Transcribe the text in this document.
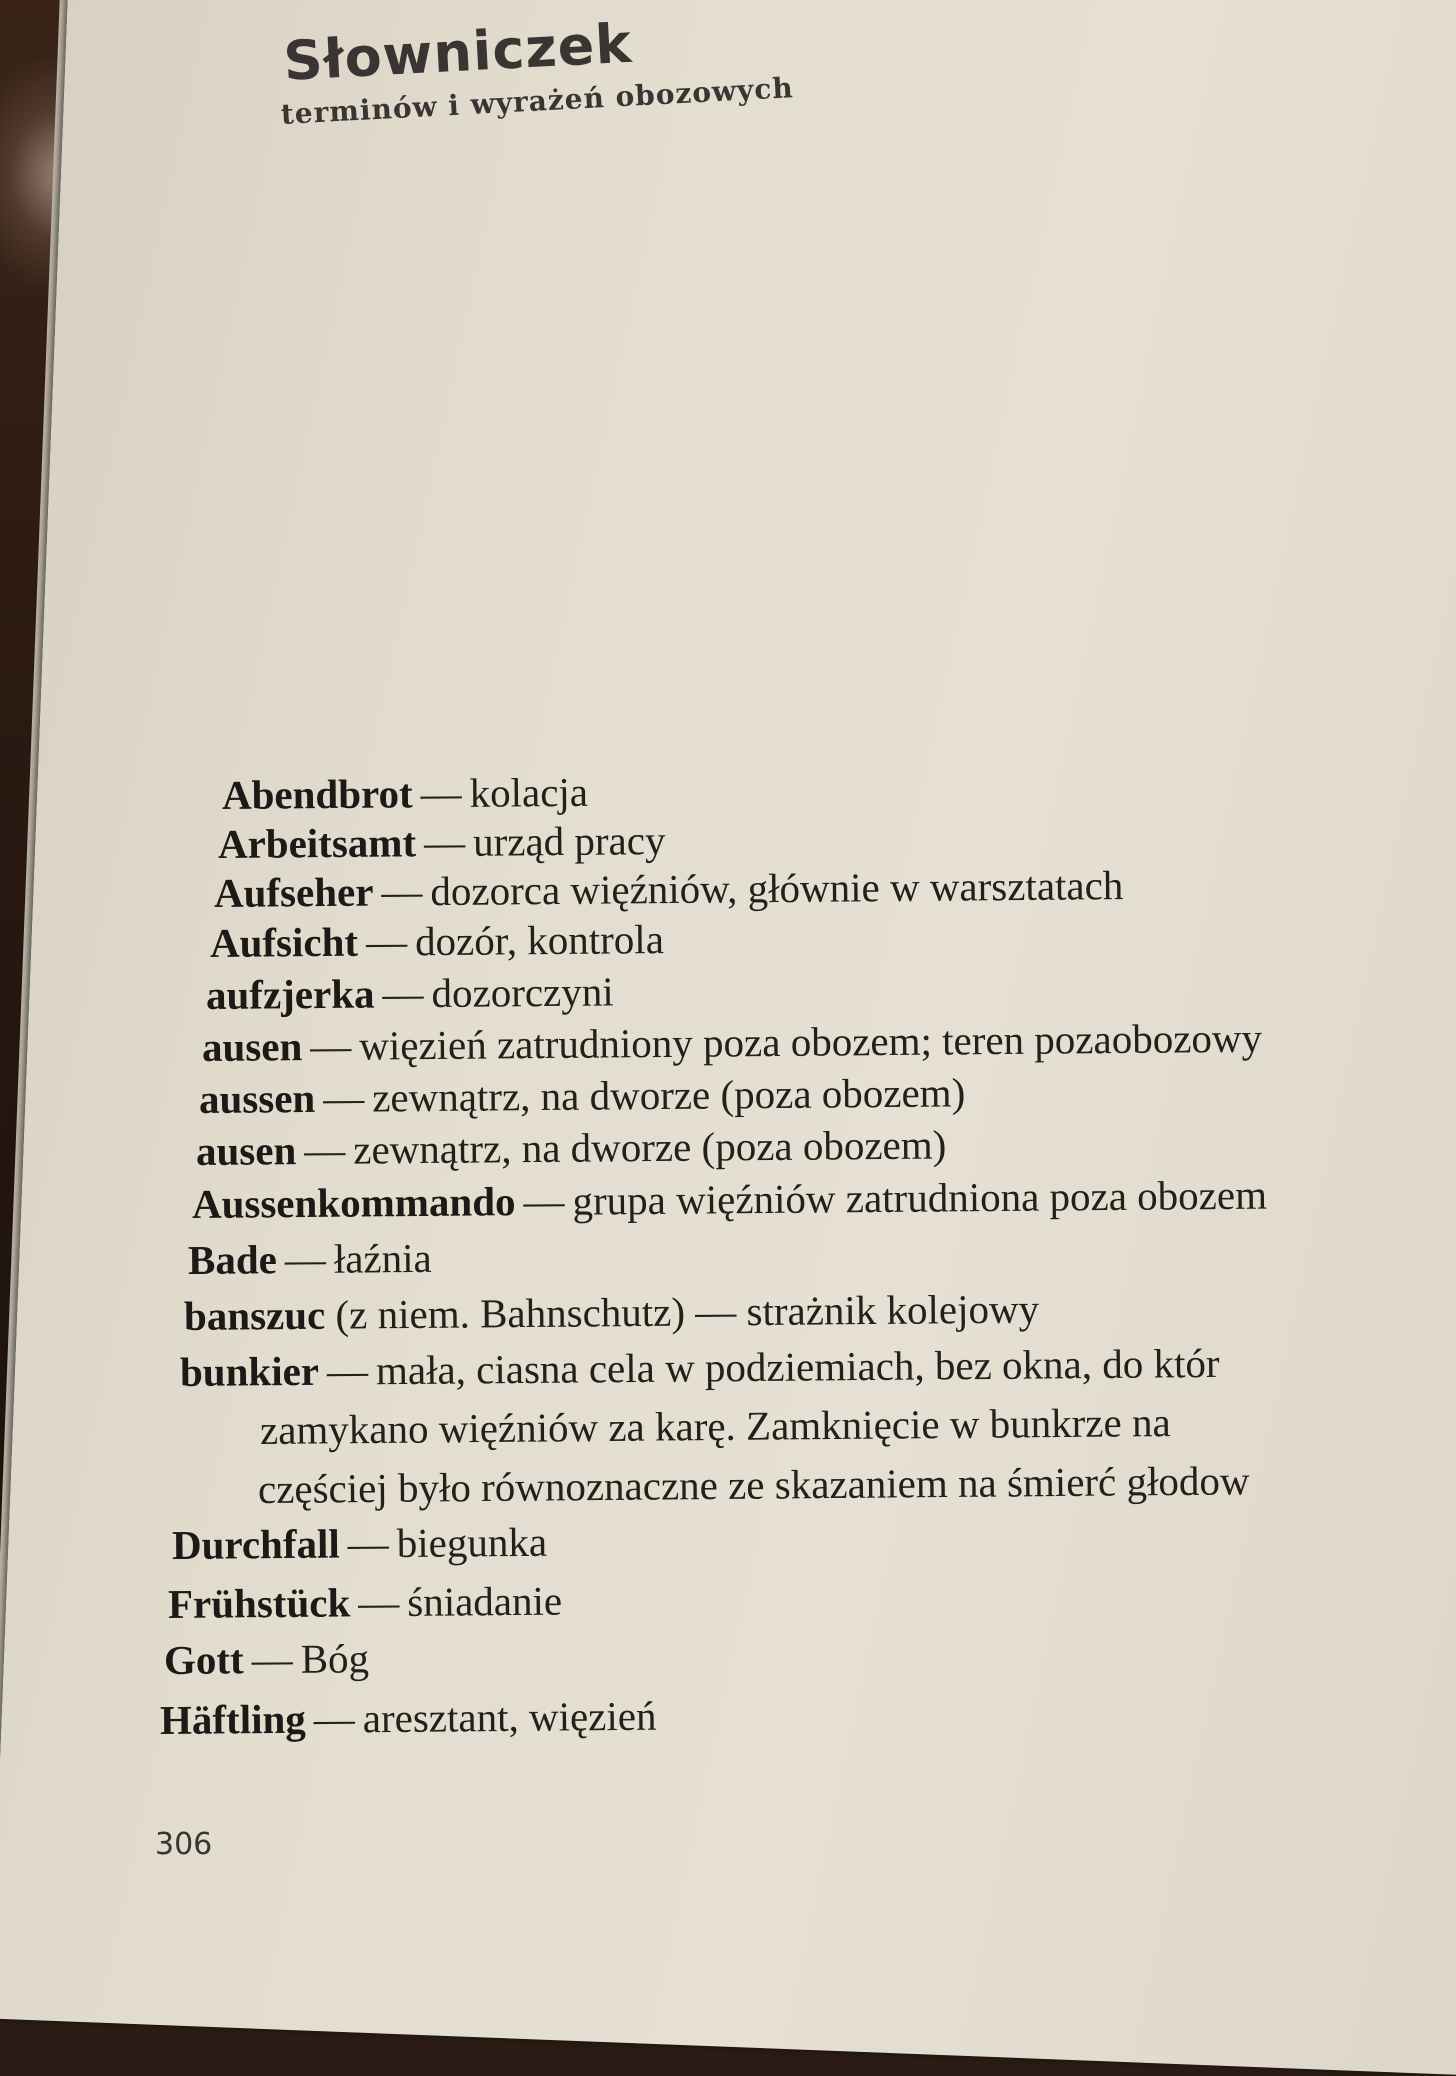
Słowniczek
terminów i wyrażeń obozowych
Abendbrot — kolacja
Arbeitsamt — urząd pracy
Aufseher — dozorca więźniów, głównie w warsztatach
Aufsicht — dozór, kontrola
aufzjerka — dozorczyni
ausen — więzień zatrudniony poza obozem; teren pozaobozowy
aussen — zewnątrz, na dworze (poza obozem)
ausen — zewnątrz, na dworze (poza obozem)
Aussenkommando — grupa więźniów zatrudniona poza obozem
Bade — łaźnia
banszuc (z niem. Bahnschutz) — strażnik kolejowy
bunkier — mała, ciasna cela w podziemiach, bez okna, do któr
zamykano więźniów za karę. Zamknięcie w bunkrze na
częściej było równoznaczne ze skazaniem na śmierć głodow
Durchfall — biegunka
Frühstück — śniadanie
Gott — Bóg
Häftling — aresztant, więzień
306
